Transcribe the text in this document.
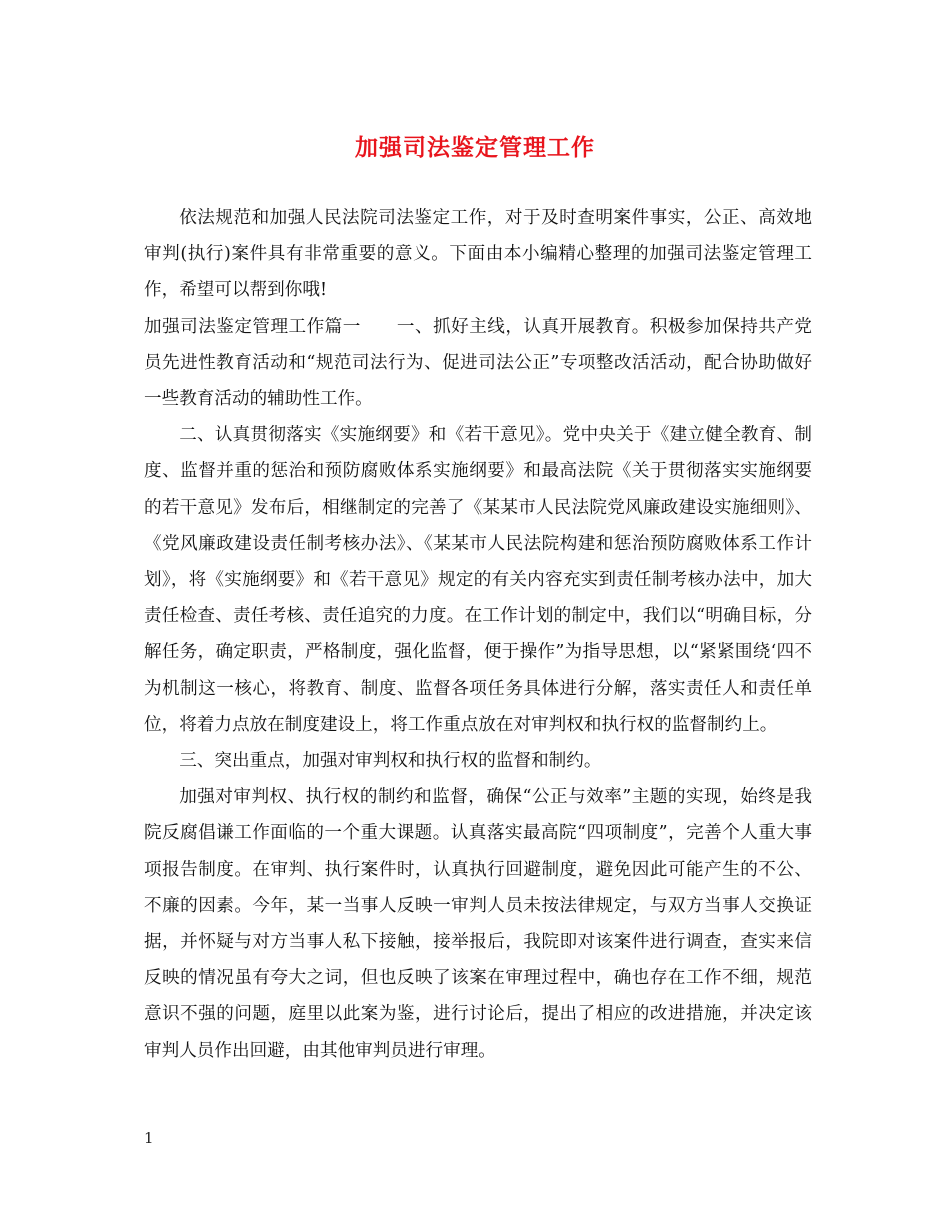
加强司法鉴定管理工作

依法规范和加强人民法院司法鉴定工作，对于及时查明案件事实，公正、高效地审判(执行)案件具有非常重要的意义。下面由本小编精心整理的加强司法鉴定管理工作，希望可以帮到你哦!

加强司法鉴定管理工作篇一　　一、抓好主线，认真开展教育。积极参加保持共产党员先进性教育活动和“规范司法行为、促进司法公正”专项整改活活动，配合协助做好一些教育活动的辅助性工作。

二、认真贯彻落实《实施纲要》和《若干意见》。党中央关于《建立健全教育、制度、监督并重的惩治和预防腐败体系实施纲要》和最高法院《关于贯彻落实实施纲要的若干意见》发布后，相继制定的完善了《某某市人民法院党风廉政建设实施细则》、《党风廉政建设责任制考核办法》、《某某市人民法院构建和惩治预防腐败体系工作计划》，将《实施纲要》和《若干意见》规定的有关内容充实到责任制考核办法中，加大责任检查、责任考核、责任追究的力度。在工作计划的制定中，我们以“明确目标，分解任务，确定职责，严格制度，强化监督，便于操作”为指导思想，以“紧紧围绕‘四不为机制这一核心，将教育、制度、监督各项任务具体进行分解，落实责任人和责任单位，将着力点放在制度建设上，将工作重点放在对审判权和执行权的监督制约上。

三、突出重点，加强对审判权和执行权的监督和制约。

加强对审判权、执行权的制约和监督，确保“公正与效率”主题的实现，始终是我院反腐倡谦工作面临的一个重大课题。认真落实最高院“四项制度”，完善个人重大事项报告制度。在审判、执行案件时，认真执行回避制度，避免因此可能产生的不公、不廉的因素。今年，某一当事人反映一审判人员未按法律规定，与双方当事人交换证据，并怀疑与对方当事人私下接触，接举报后，我院即对该案件进行调查，查实来信反映的情况虽有夸大之词，但也反映了该案在审理过程中，确也存在工作不细，规范意识不强的问题，庭里以此案为鉴，进行讨论后，提出了相应的改进措施，并决定该审判人员作出回避，由其他审判员进行审理。

1
